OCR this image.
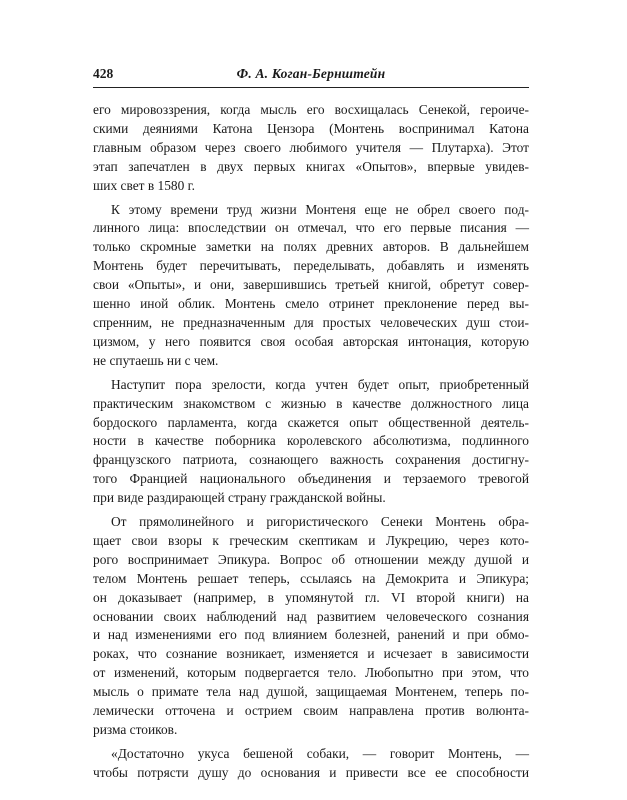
428	Ф. А. Коган-Бернштейн

его мировоззрения, когда мысль его восхищалась Сенекой, героиче-
скими деяниями Катона Цензора (Монтень воспринимал Катона
главным образом через своего любимого учителя — Плутарха). Этот
этап запечатлен в двух первых книгах «Опытов», впервые увидев-
ших свет в 1580 г.

К этому времени труд жизни Монтеня еще не обрел своего под-
линного лица: впоследствии он отмечал, что его первые писания —
только скромные заметки на полях древних авторов. В дальнейшем
Монтень будет перечитывать, переделывать, добавлять и изменять
свои «Опыты», и они, завершившись третьей книгой, обретут совер-
шенно иной облик. Монтень смело отринет преклонение перед вы-
спренним, не предназначенным для простых человеческих душ стои-
цизмом, у него появится своя особая авторская интонация, которую
не спутаешь ни с чем.

Наступит пора зрелости, когда учтен будет опыт, приобретенный
практическим знакомством с жизнью в качестве должностного лица
бордоского парламента, когда скажется опыт общественной деятель-
ности в качестве поборника королевского абсолютизма, подлинного
французского патриота, сознающего важность сохранения достигну-
того Францией национального объединения и терзаемого тревогой
при виде раздирающей страну гражданской войны.

От прямолинейного и ригористического Сенеки Монтень обра-
щает свои взоры к греческим скептикам и Лукрецию, через кото-
рого воспринимает Эпикура. Вопрос об отношении между душой и
телом Монтень решает теперь, ссылаясь на Демокрита и Эпикура;
он доказывает (например, в упомянутой гл. VI второй книги) на
основании своих наблюдений над развитием человеческого сознания
и над изменениями его под влиянием болезней, ранений и при обмо-
роках, что сознание возникает, изменяется и исчезает в зависимости
от изменений, которым подвергается тело. Любопытно при этом, что
мысль о примате тела над душой, защищаемая Монтенем, теперь по-
лемически отточена и острием своим направлена против волюнта-
ризма стоиков.

«Достаточно укуса бешеной собаки, — говорит Монтень, —
чтобы потрясти душу до основания и привести все ее способности
